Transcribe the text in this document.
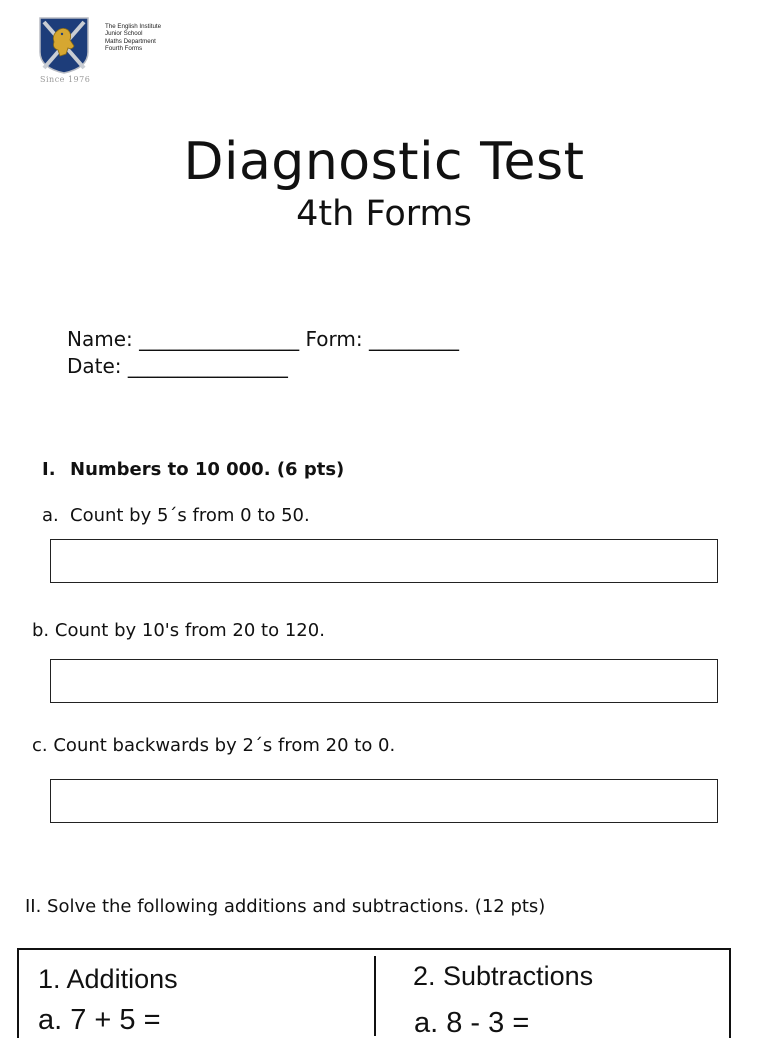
Since 1976
The English Institute
Junior School
Maths Department
Fourth Forms
Diagnostic Test
4th Forms
Name: ________________ Form: _________
Date: ________________
I. Numbers to 10 000. (6 pts)
a. Count by 5´s from 0 to 50.
b. Count by 10's from 20 to 120.
c. Count backwards by 2´s from 20 to 0.
II. Solve the following additions and subtractions. (12 pts)
1. Additions	2. Subtractions
a. 7 + 5 =	a. 8 - 3 =
